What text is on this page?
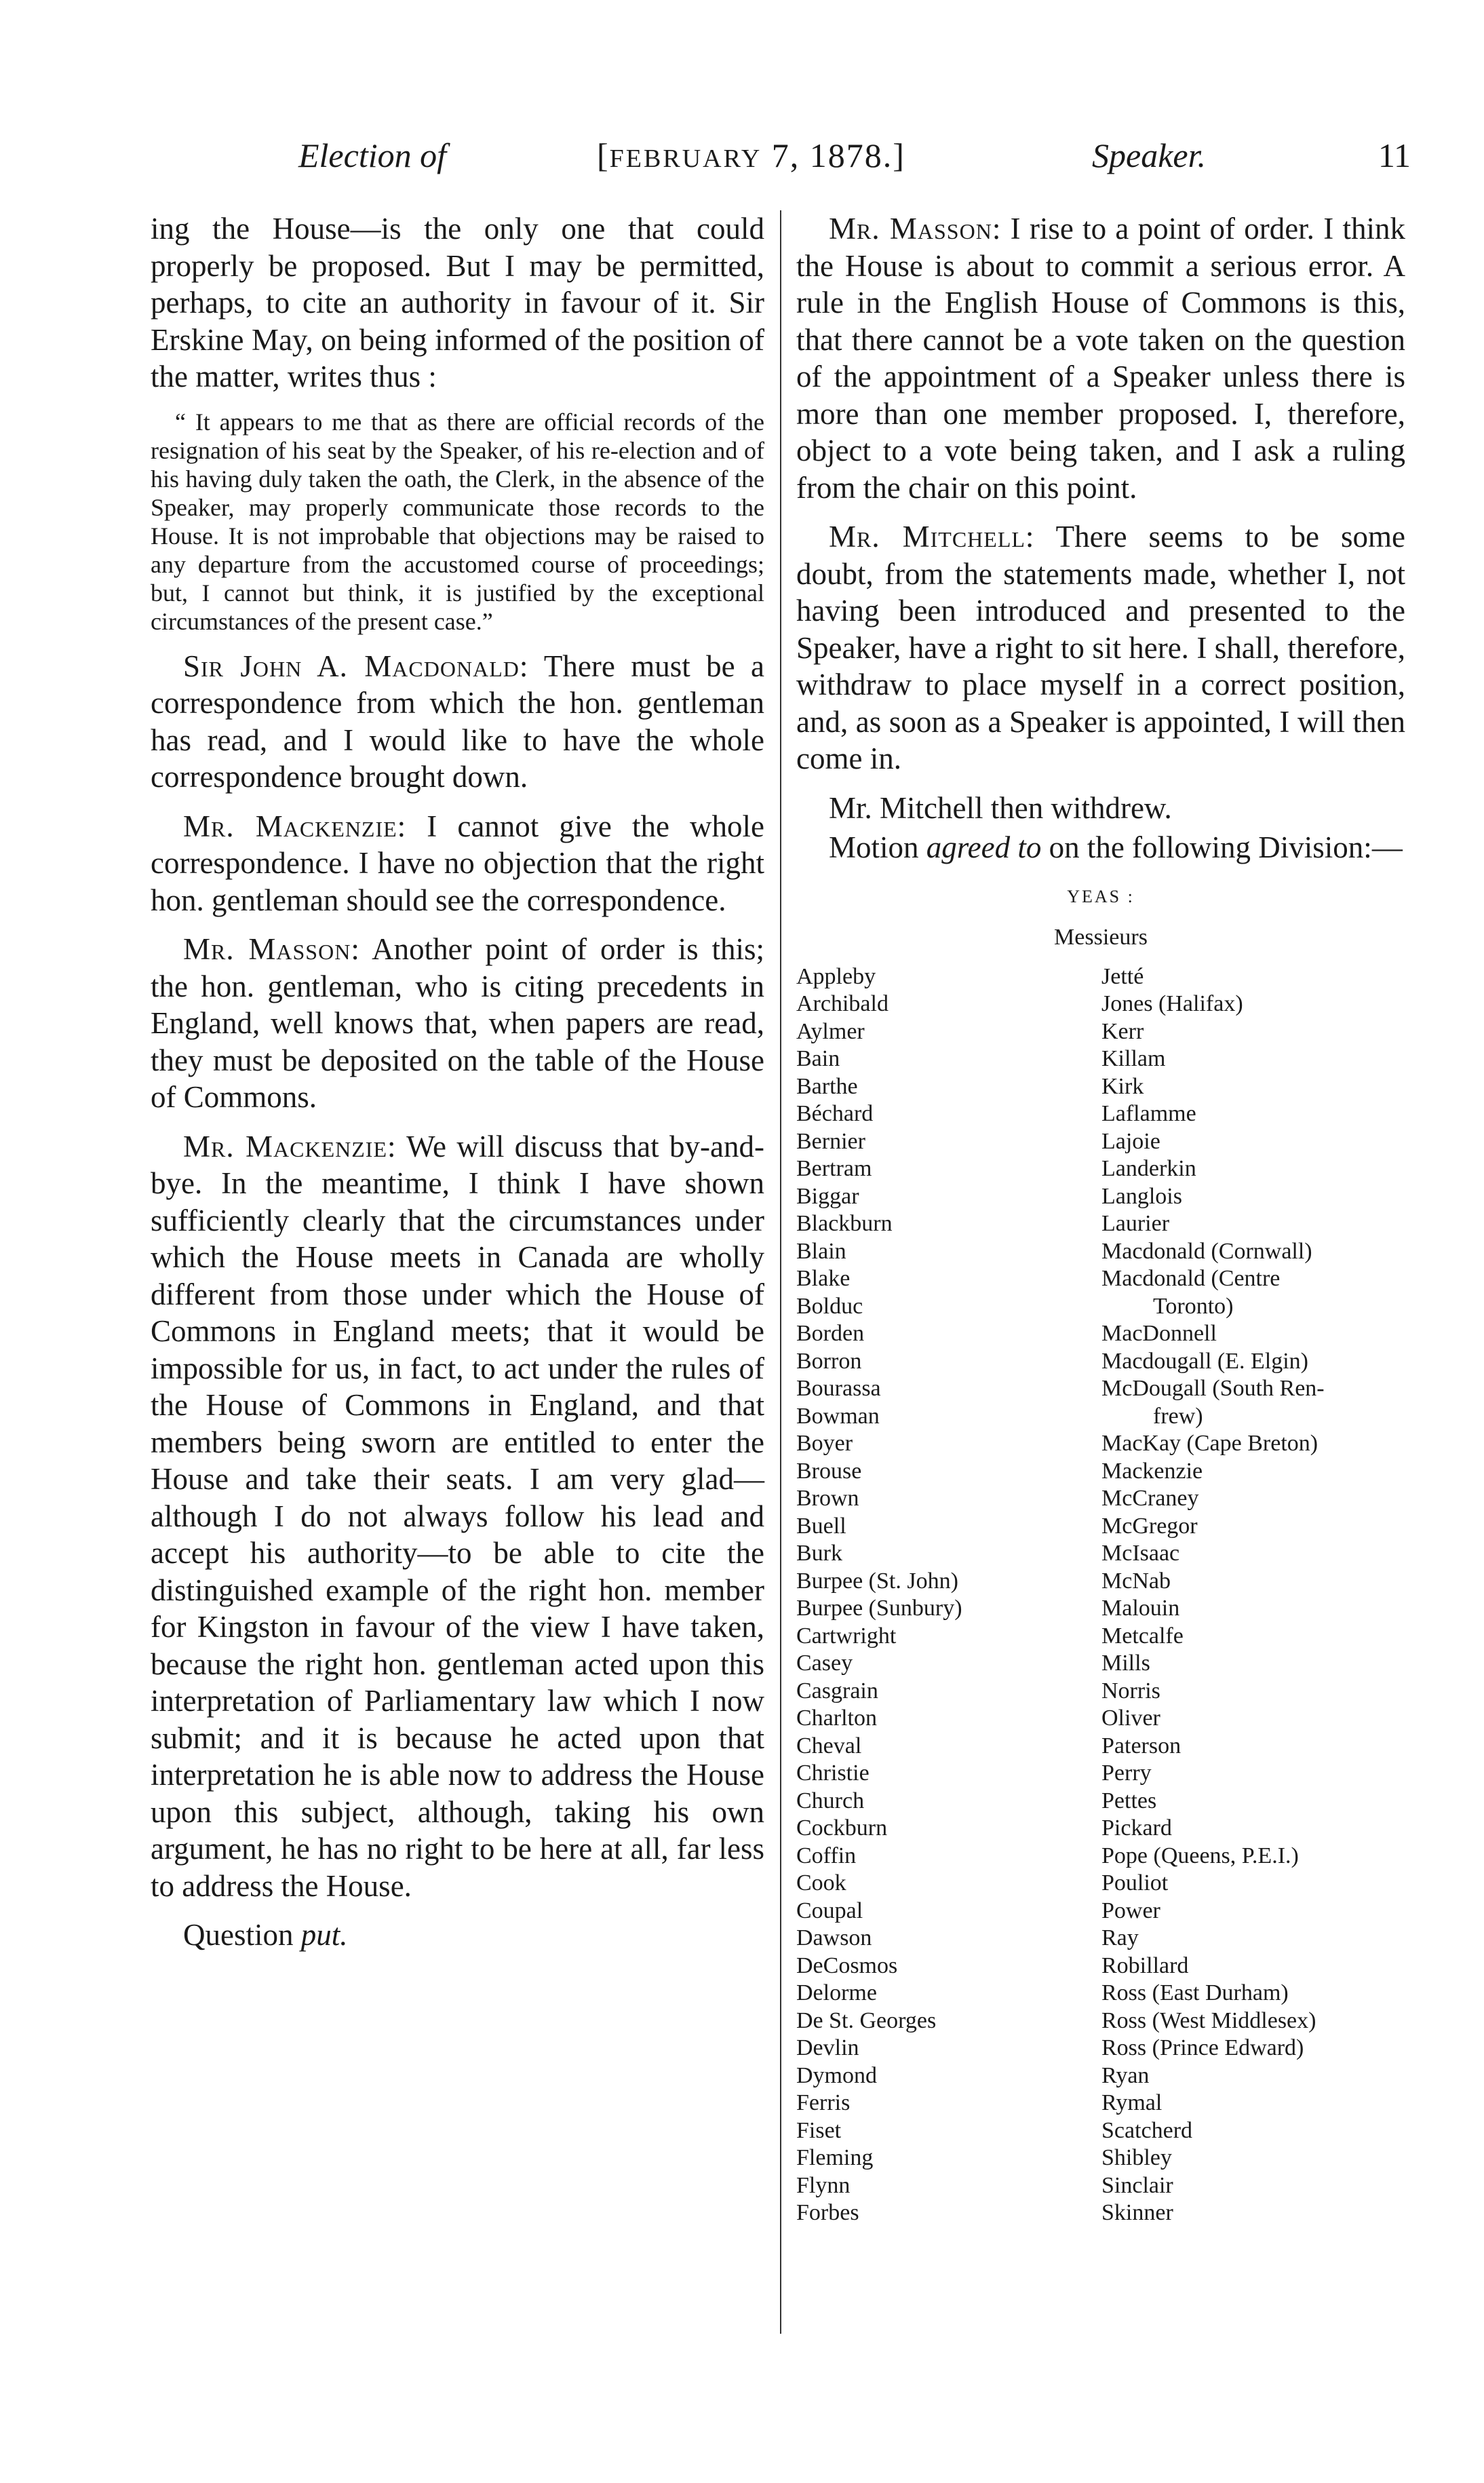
Election of	[FEBRUARY 7, 1878.]	Speaker.	11

ing the House—is the only one that could properly be proposed. But I may be permitted, perhaps, to cite an authority in favour of it. Sir Erskine May, on being informed of the position of the matter, writes thus :

“ It appears to me that as there are official records of the resignation of his seat by the Speaker, of his re-election and of his having duly taken the oath, the Clerk, in the absence of the Speaker, may properly communicate those records to the House. It is not improbable that objections may be raised to any departure from the accustomed course of proceedings; but, I cannot but think, it is justified by the exceptional circumstances of the present case.”

Sir John A. Macdonald: There must be a correspondence from which the hon. gentleman has read, and I would like to have the whole correspondence brought down.

Mr. Mackenzie: I cannot give the whole correspondence. I have no objection that the right hon. gentleman should see the correspondence.

Mr. Masson: Another point of order is this; the hon. gentleman, who is citing precedents in England, well knows that, when papers are read, they must be deposited on the table of the House of Commons.

Mr. Mackenzie: We will discuss that by-and-bye. In the meantime, I think I have shown sufficiently clearly that the circumstances under which the House meets in Canada are wholly different from those under which the House of Commons in England meets; that it would be impossible for us, in fact, to act under the rules of the House of Commons in England, and that members being sworn are entitled to enter the House and take their seats. I am very glad—although I do not always follow his lead and accept his authority—to be able to cite the distinguished example of the right hon. member for Kingston in favour of the view I have taken, because the right hon. gentleman acted upon this interpretation of Parliamentary law which I now submit; and it is because he acted upon that interpretation he is able now to address the House upon this subject, although, taking his own argument, he has no right to be here at all, far less to address the House.

Question put.

Mr. Masson: I rise to a point of order. I think the House is about to commit a serious error. A rule in the English House of Commons is this, that there cannot be a vote taken on the question of the appointment of a Speaker unless there is more than one member proposed. I, therefore, object to a vote being taken, and I ask a ruling from the chair on this point.

Mr. Mitchell: There seems to be some doubt, from the statements made, whether I, not having been introduced and presented to the Speaker, have a right to sit here. I shall, therefore, withdraw to place myself in a correct position, and, as soon as a Speaker is appointed, I will then come in.

Mr. Mitchell then withdrew.

Motion agreed to on the following Division:—

YEAS :
Messieurs
Appleby
Archibald
Aylmer
Bain
Barthe
Béchard
Bernier
Bertram
Biggar
Blackburn
Blain
Blake
Bolduc
Borden
Borron
Bourassa
Bowman
Boyer
Brouse
Brown
Buell
Burk
Burpee (St. John)
Burpee (Sunbury)
Cartwright
Casey
Casgrain
Charlton
Cheval
Christie
Church
Cockburn
Coffin
Cook
Coupal
Dawson
DeCosmos
Delorme
De St. Georges
Devlin
Dymond
Ferris
Fiset
Fleming
Flynn
Forbes
Jetté
Jones (Halifax)
Kerr
Killam
Kirk
Laflamme
Lajoie
Landerkin
Langlois
Laurier
Macdonald (Cornwall)
Macdonald (Centre
Toronto)
MacDonnell
Macdougall (E. Elgin)
McDougall (South Ren-
frew)
MacKay (Cape Breton)
Mackenzie
McCraney
McGregor
McIsaac
McNab
Malouin
Metcalfe
Mills
Norris
Oliver
Paterson
Perry
Pettes
Pickard
Pope (Queens, P.E.I.)
Pouliot
Power
Ray
Robillard
Ross (East Durham)
Ross (West Middlesex)
Ross (Prince Edward)
Ryan
Rymal
Scatcherd
Shibley
Sinclair
Skinner
